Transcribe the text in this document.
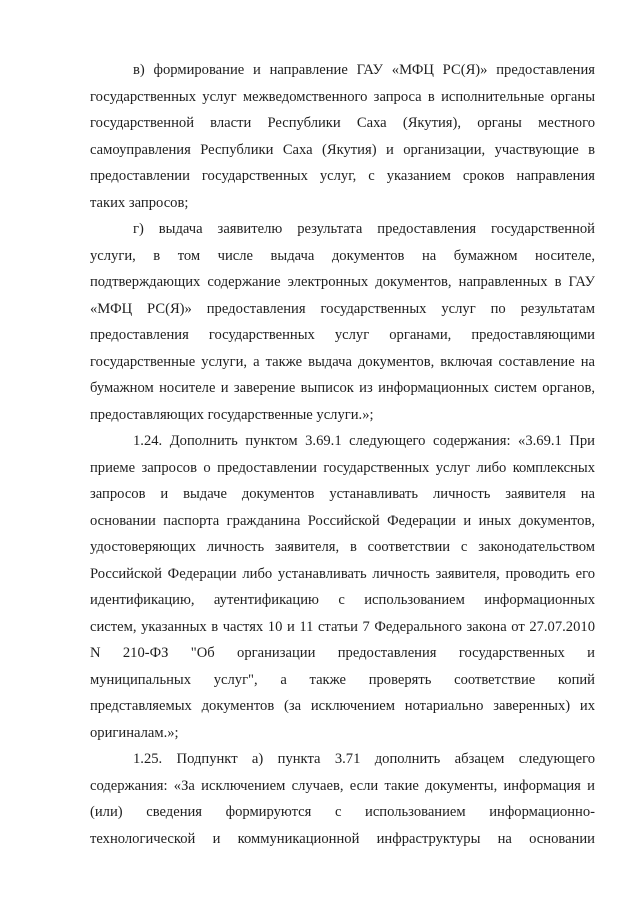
в) формирование и направление ГАУ «МФЦ РС(Я)» предоставления
государственных услуг межведомственного запроса в исполнительные органы
государственной власти Республики Саха (Якутия), органы местного
самоуправления Республики Саха (Якутия) и организации, участвующие в
предоставлении государственных услуг, с указанием сроков направления
таких запросов;
г) выдача заявителю результата предоставления государственной
услуги, в том числе выдача документов на бумажном носителе,
подтверждающих содержание электронных документов, направленных в ГАУ
«МФЦ РС(Я)» предоставления государственных услуг по результатам
предоставления государственных услуг органами, предоставляющими
государственные услуги, а также выдача документов, включая составление на
бумажном носителе и заверение выписок из информационных систем органов,
предоставляющих государственные услуги.»;
1.24. Дополнить пунктом 3.69.1 следующего содержания: «3.69.1 При
приеме запросов о предоставлении государственных услуг либо комплексных
запросов и выдаче документов устанавливать личность заявителя на
основании паспорта гражданина Российской Федерации и иных документов,
удостоверяющих личность заявителя, в соответствии с законодательством
Российской Федерации либо устанавливать личность заявителя, проводить его
идентификацию, аутентификацию с использованием информационных
систем, указанных в частях 10 и 11 статьи 7 Федерального закона от 27.07.2010
N 210-ФЗ "Об организации предоставления государственных и
муниципальных услуг", а также проверять соответствие копий
представляемых документов (за исключением нотариально заверенных) их
оригиналам.»;
1.25. Подпункт а) пункта 3.71 дополнить абзацем следующего
содержания: «За исключением случаев, если такие документы, информация и
(или) сведения формируются с использованием информационно-
технологической и коммуникационной инфраструктуры на основании
